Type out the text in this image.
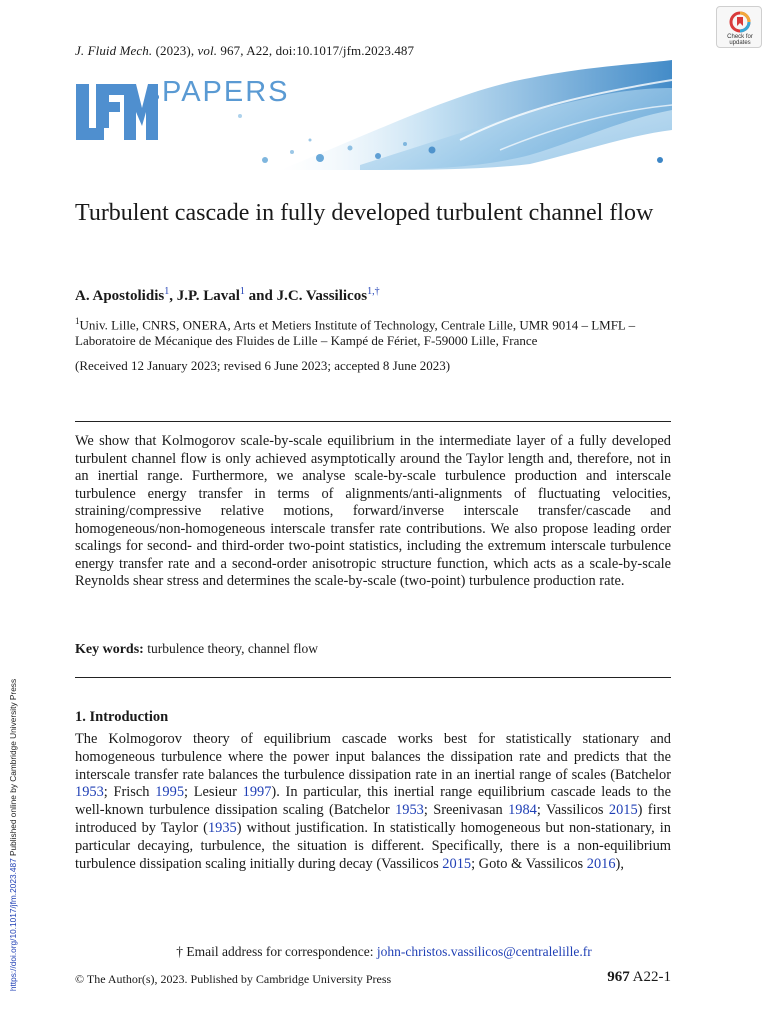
J. Fluid Mech. (2023), vol. 967, A22, doi:10.1017/jfm.2023.487
Check for
updates
PAPERS
Turbulent cascade in fully developed turbulent channel flow
A. Apostolidis$^1$, J.P. Laval$^1$ and J.C. Vassilicos$^{1,\dagger}$
$^1$Univ. Lille, CNRS, ONERA, Arts et Metiers Institute of Technology, Centrale Lille, UMR 9014 – LMFL – Laboratoire de Mécanique des Fluides de Lille – Kampé de Fériet, F-59000 Lille, France
(Received 12 January 2023; revised 6 June 2023; accepted 8 June 2023)

We show that Kolmogorov scale-by-scale equilibrium in the intermediate layer of a fully developed turbulent channel flow is only achieved asymptotically around the Taylor length and, therefore, not in an inertial range. Furthermore, we analyse scale-by-scale turbulence production and interscale turbulence energy transfer in terms of alignments/anti-alignments of fluctuating velocities, straining/compressive relative motions, forward/inverse interscale transfer/cascade and homogeneous/non-homogeneous interscale transfer rate contributions. We also propose leading order scalings for second- and third-order two-point statistics, including the extremum interscale turbulence energy transfer rate and a second-order anisotropic structure function, which acts as a scale-by-scale Reynolds shear stress and determines the scale-by-scale (two-point) turbulence production rate.

Key words: turbulence theory, channel flow
1. Introduction

The Kolmogorov theory of equilibrium cascade works best for statistically stationary and homogeneous turbulence where the power input balances the dissipation rate and predicts that the interscale transfer rate balances the turbulence dissipation rate in an inertial range of scales (Batchelor 1953; Frisch 1995; Lesieur 1997). In particular, this inertial range equilibrium cascade leads to the well-known turbulence dissipation scaling (Batchelor 1953; Sreenivasan 1984; Vassilicos 2015) first introduced by Taylor (1935) without justification. In statistically homogeneous but non-stationary, in particular decaying, turbulence, the situation is different. Specifically, there is a non-equilibrium turbulence dissipation scaling initially during decay (Vassilicos 2015; Goto & Vassilicos 2016),

† Email address for correspondence: john-christos.vassilicos@centralelille.fr
© The Author(s), 2023. Published by Cambridge University Press	967 A22-1
https://doi.org/10.1017/jfm.2023.487 Published online by Cambridge University Press
